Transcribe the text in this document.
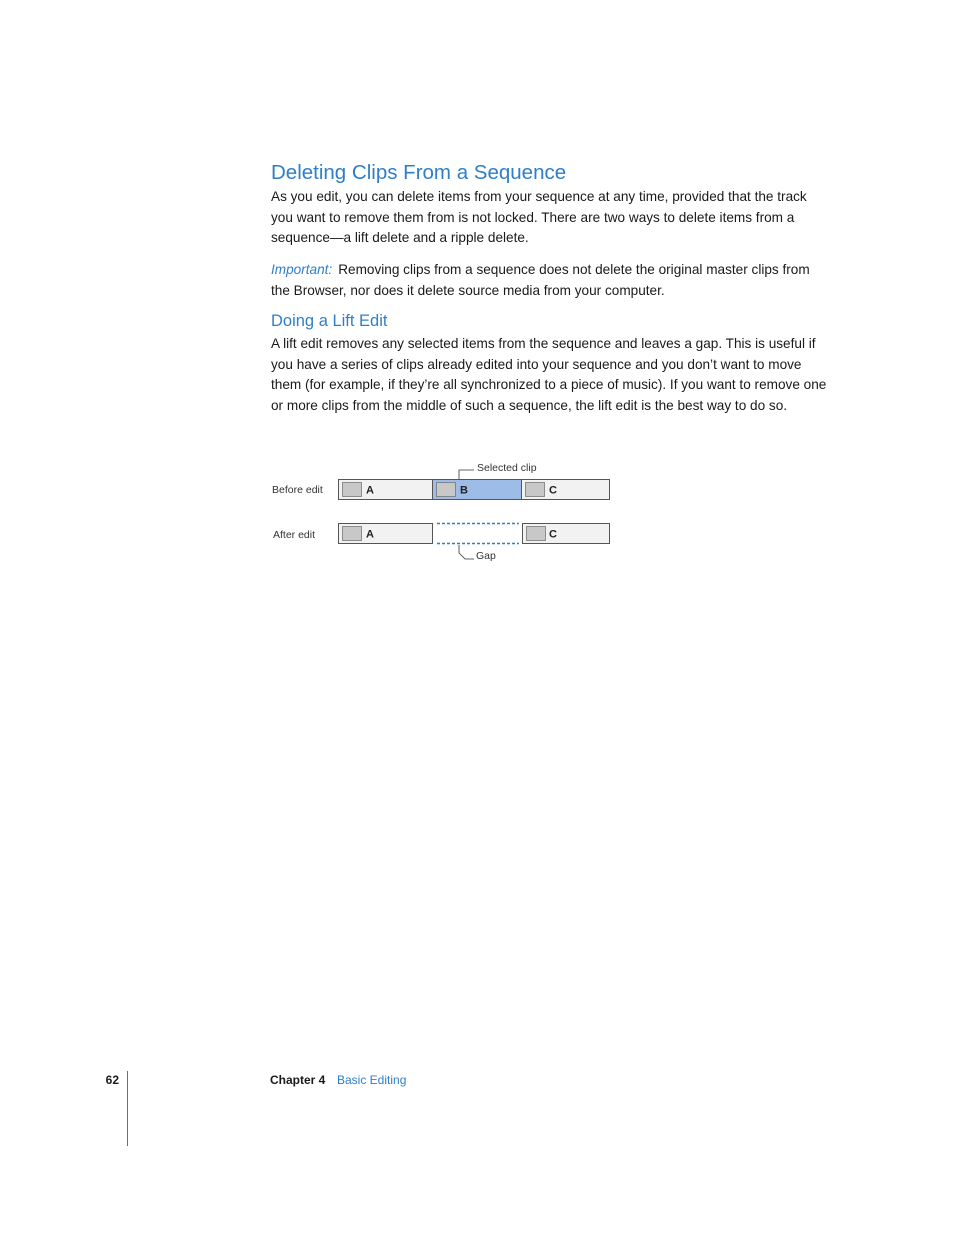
Deleting Clips From a Sequence

As you edit, you can delete items from your sequence at any time, provided that the track you want to remove them from is not locked. There are two ways to delete items from a sequence—a lift delete and a ripple delete.

Important: Removing clips from a sequence does not delete the original master clips from the Browser, nor does it delete source media from your computer.

Doing a Lift Edit

A lift edit removes any selected items from the sequence and leaves a gap. This is useful if you have a series of clips already edited into your sequence and you don’t want to move them (for example, if they’re all synchronized to a piece of music). If you want to remove one or more clips from the middle of such a sequence, the lift edit is the best way to do so.

Selected clip
Before edit	A	B	C
After edit	A	C
Gap
62	Chapter 4 Basic Editing
